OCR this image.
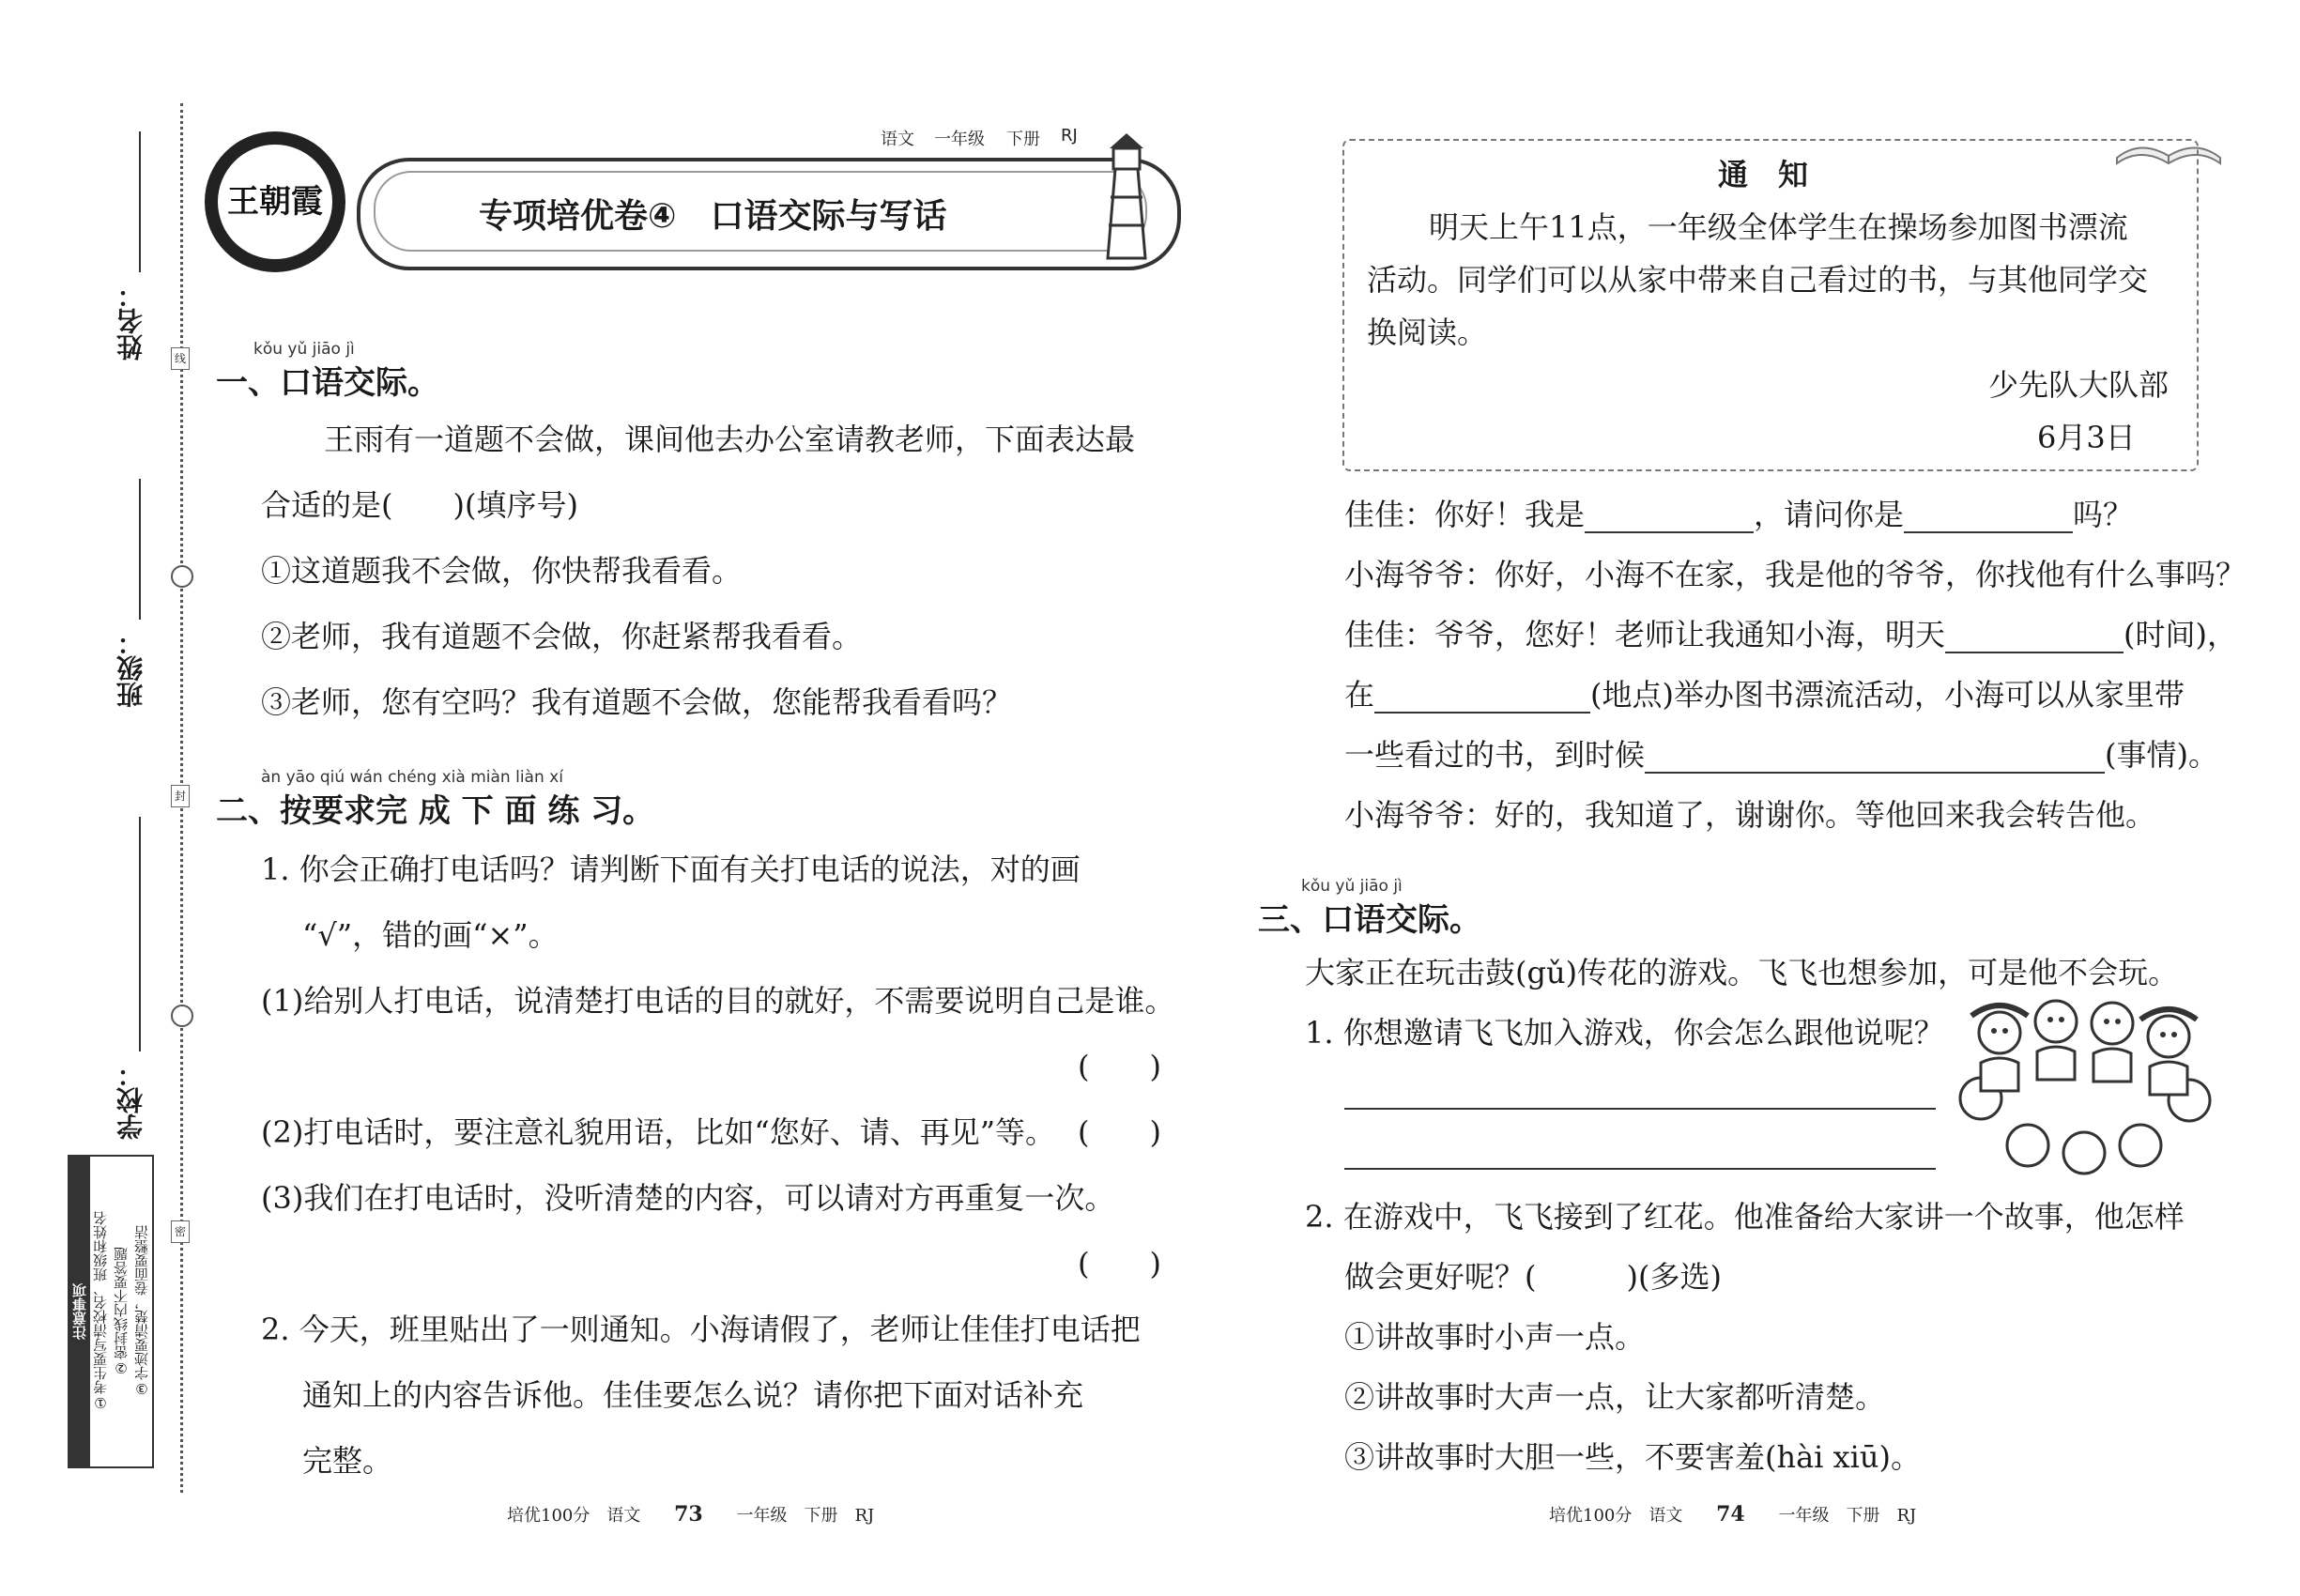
姓名：
班级：
学校：
线
封
密
注意事项 ①考生要写清校名、班级和姓名 ②密封线内不要答题 ③字迹要清楚，卷面要整洁
王朝霞
语文 一年级 下册 RJ
专项培优卷④　口语交际与写话
kǒu yǔ jiāo jì
一、口语交际。
王雨有一道题不会做，课间他去办公室请教老师，下面表达最
合适的是(　　)(填序号)
①这道题我不会做，你快帮我看看。
②老师，我有道题不会做，你赶紧帮我看看。
③老师，您有空吗？我有道题不会做，您能帮我看看吗？
àn yāo qiú wán chéng xià miàn liàn xí
二、按要求完 成 下 面 练 习。
1. 你会正确打电话吗？请判断下面有关打电话的说法，对的画
“√”，错的画“×”。
(1)给别人打电话，说清楚打电话的目的就好，不需要说明自己是谁。
(　　)
(2)打电话时，要注意礼貌用语，比如“您好、请、再见”等。 (　　)
(3)我们在打电话时，没听清楚的内容，可以请对方再重复一次。
(　　)
2. 今天，班里贴出了一则通知。小海请假了，老师让佳佳打电话把
通知上的内容告诉他。佳佳要怎么说？请你把下面对话补充
完整。
培优100分　语文 73 一年级　下册　RJ
通　知
明天上午11点，一年级全体学生在操场参加图书漂流
活动。同学们可以从家中带来自己看过的书，与其他同学交
换阅读。
少先队大队部
6月3日
佳佳：你好！我是	，请问你是	吗？
小海爷爷：你好，小海不在家，我是他的爷爷，你找他有什么事吗？
佳佳：爷爷，您好！老师让我通知小海，明天	(时间)，
在	(地点)举办图书漂流活动，小海可以从家里带
一些看过的书，到时候	(事情)。
小海爷爷：好的，我知道了，谢谢你。等他回来我会转告他。
kǒu yǔ jiāo jì
三、口语交际。
大家正在玩击鼓(gǔ)传花的游戏。飞飞也想参加，可是他不会玩。
1. 你想邀请飞飞加入游戏，你会怎么跟他说呢？
2. 在游戏中，飞飞接到了红花。他准备给大家讲一个故事，他怎样
做会更好呢？(　　　)(多选)
①讲故事时小声一点。
②讲故事时大声一点，让大家都听清楚。
③讲故事时大胆一些，不要害羞(hài xiū)。
培优100分　语文 74 一年级　下册　RJ
